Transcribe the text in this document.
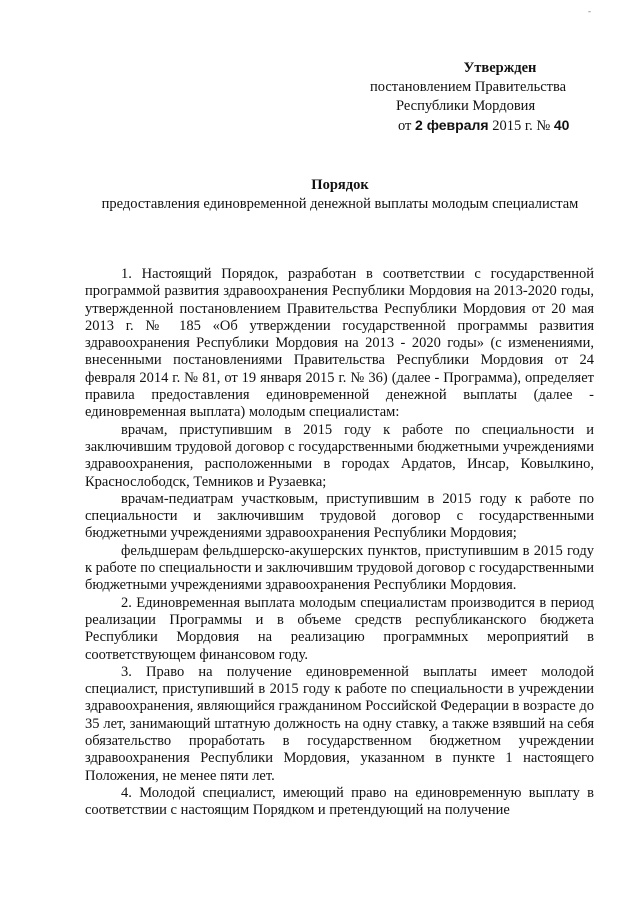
-
Утвержден
постановлением Правительства
Республики Мордовия
от 2 февраля 2015 г. № 40
Порядок
предоставления единовременной денежной выплаты молодым специалистам

1. Настоящий Порядок, разработан в соответствии с государственной программой развития здравоохранения Республики Мордовия на 2013-2020 годы, утвержденной постановлением Правительства Республики Мордовия от 20 мая 2013 г. № 185 «Об утверждении государственной программы развития здравоохранения Республики Мордовия на 2013 - 2020 годы» (с изменениями, внесенными постановлениями Правительства Республики Мордовия от 24 февраля 2014 г. № 81, от 19 января 2015 г. № 36) (далее - Программа), определяет правила предоставления единовременной денежной выплаты (далее - единовременная выплата) молодым специалистам:

врачам, приступившим в 2015 году к работе по специальности и заключившим трудовой договор с государственными бюджетными учреждениями здравоохранения, расположенными в городах Ардатов, Инсар, Ковылкино, Краснослободск, Темников и Рузаевка;

врачам-педиатрам участковым, приступившим в 2015 году к работе по специальности и заключившим трудовой договор с государственными бюджетными учреждениями здравоохранения Республики Мордовия;

фельдшерам фельдшерско-акушерских пунктов, приступившим в 2015 году к работе по специальности и заключившим трудовой договор с государственными бюджетными учреждениями здравоохранения Республики Мордовия.

2. Единовременная выплата молодым специалистам производится в период реализации Программы и в объеме средств республиканского бюджета Республики Мордовия на реализацию программных мероприятий в соответствующем финансовом году.

3. Право на получение единовременной выплаты имеет молодой специалист, приступивший в 2015 году к работе по специальности в учреждении здравоохранения, являющийся гражданином Российской Федерации в возрасте до 35 лет, занимающий штатную должность на одну ставку, а также взявший на себя обязательство проработать в государственном бюджетном учреждении здравоохранения Республики Мордовия, указанном в пункте 1 настоящего Положения, не менее пяти лет.

4. Молодой специалист, имеющий право на единовременную выплату в соответствии с настоящим Порядком и претендующий на получение
